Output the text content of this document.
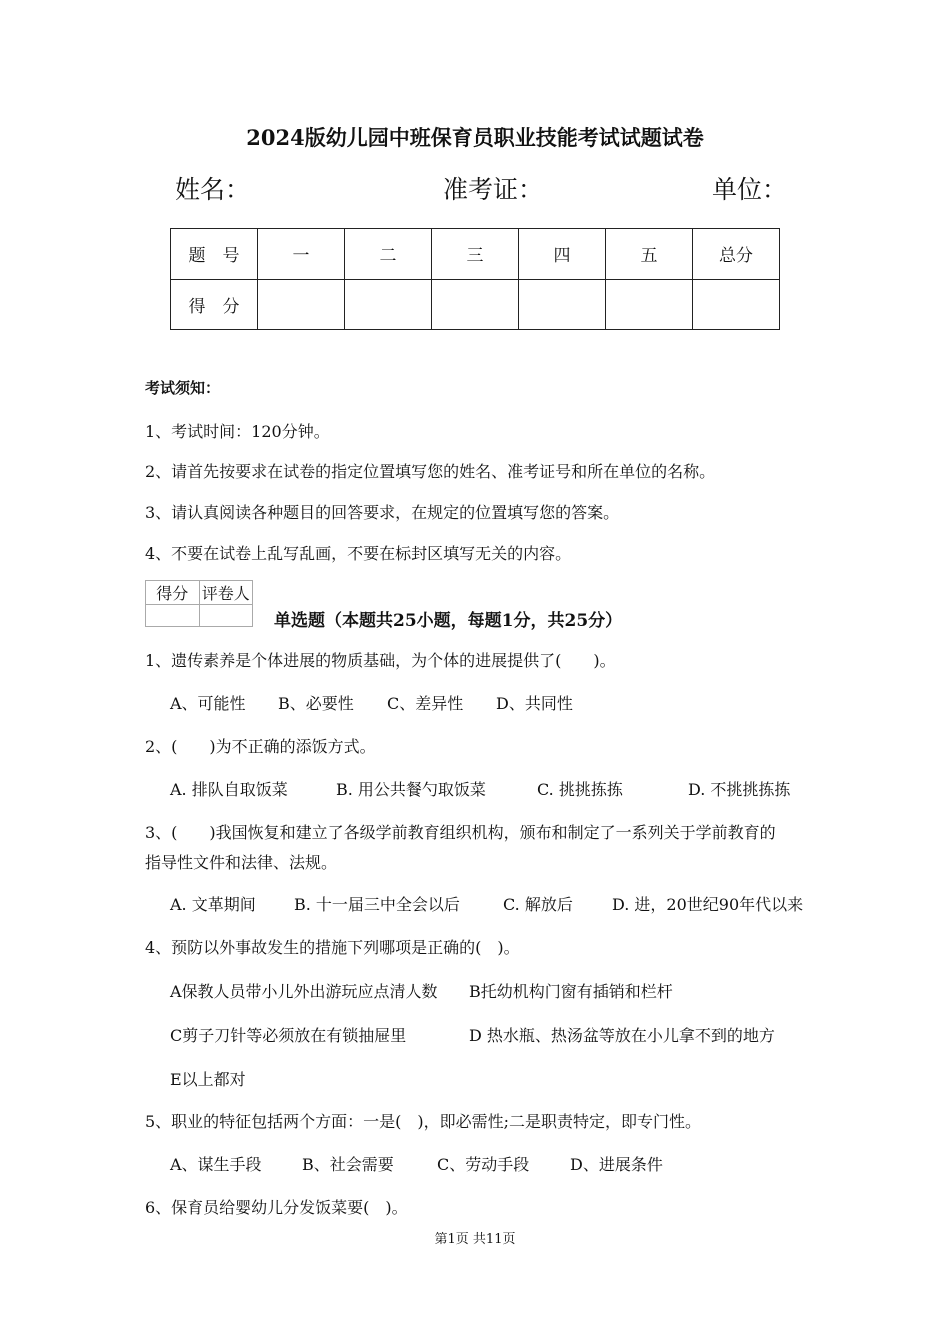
2024版幼儿园中班保育员职业技能考试试题试卷
姓名：	准考证：	单位：
题　号	一	二	三	四	五	总分
得　分						
考试须知：
1、考试时间：120分钟。
2、请首先按要求在试卷的指定位置填写您的姓名、准考证号和所在单位的名称。
3、请认真阅读各种题目的回答要求，在规定的位置填写您的答案。
4、不要在试卷上乱写乱画，不要在标封区填写无关的内容。
得分	评卷人

单选题（本题共25小题，每题1分，共25分）
1、遗传素养是个体进展的物质基础，为个体的进展提供了(　　)。
A、可能性 B、必要性 C、差异性 D、共同性
2、(　　)为不正确的添饭方式。
A. 排队自取饭菜	B. 用公共餐勺取饭菜	C. 挑挑拣拣	D. 不挑挑拣拣
3、(　　)我国恢复和建立了各级学前教育组织机构，颁布和制定了一系列关于学前教育的
指导性文件和法律、法规。
A. 文革期间 B. 十一届三中全会以后	C. 解放后 D. 进，20世纪90年代以来
4、预防以外事故发生的措施下列哪项是正确的(　)。
A保教人员带小儿外出游玩应点清人数 B托幼机构门窗有插销和栏杆
C剪子刀针等必须放在有锁抽屉里	D 热水瓶、热汤盆等放在小儿拿不到的地方
E以上都对
5、职业的特征包括两个方面：一是(　)，即必需性;二是职责特定，即专门性。
A、谋生手段	B、社会需要	C、劳动手段	D、进展条件
6、保育员给婴幼儿分发饭菜要(　)。
第1页 共11页
